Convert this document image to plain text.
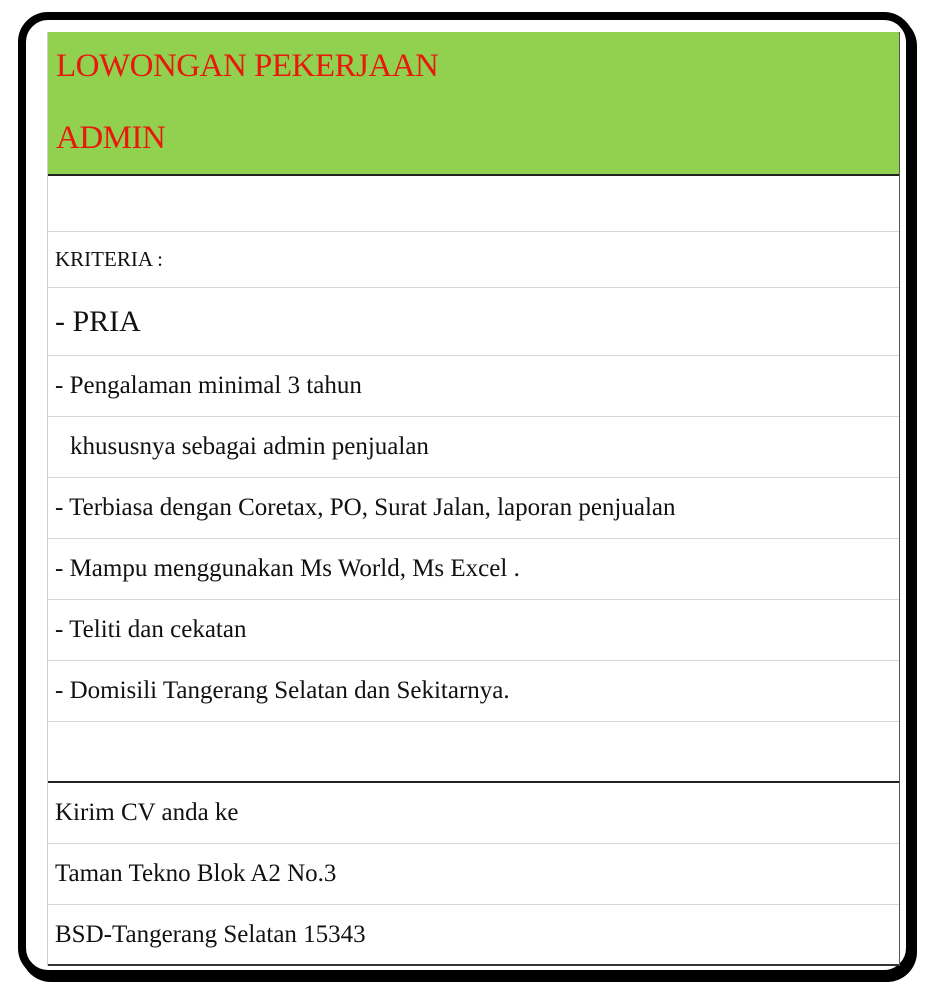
LOWONGAN PEKERJAAN
ADMIN
KRITERIA :
- PRIA
- Pengalaman minimal 3 tahun
khususnya sebagai admin penjualan
- Terbiasa dengan Coretax, PO, Surat Jalan, laporan penjualan
- Mampu menggunakan Ms World, Ms Excel .
- Teliti dan cekatan
- Domisili Tangerang Selatan dan Sekitarnya.
Kirim CV anda ke
Taman Tekno Blok A2 No.3
BSD-Tangerang Selatan 15343
